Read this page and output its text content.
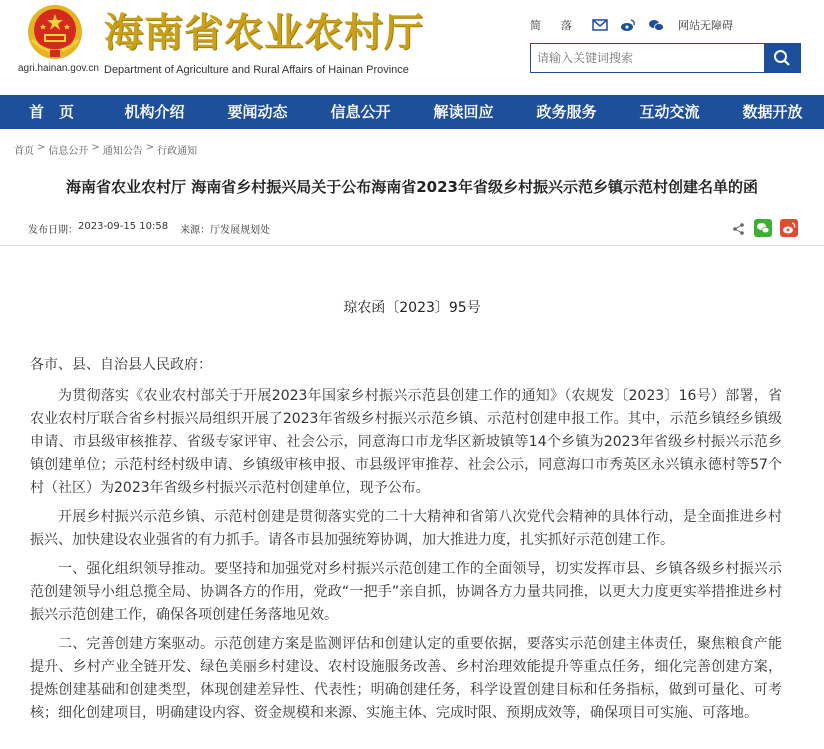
agri.hainan.gov.cn
海南省农业农村厅
Department of Agriculture and Rural Affairs of Hainan Province
简 落	网站无障碍
请输入关键词搜索
首　页	机构介绍	要闻动态	信息公开	解读回应	政务服务	互动交流	数据开放
首页 > 信息公开 > 通知公告 > 行政通知
海南省农业农村厅 海南省乡村振兴局关于公布海南省2023年省级乡村振兴示范乡镇示范村创建名单的函
发布日期： 2023-09-15 10:58 来源： 厅发展规划处
琼农函〔2023〕95号

各市、县、自治县人民政府：

为贯彻落实《农业农村部关于开展2023年国家乡村振兴示范县创建工作的通知》（农规发〔2023〕16号）部署，省农业农村厅联合省乡村振兴局组织开展了2023年省级乡村振兴示范乡镇、示范村创建申报工作。其中，示范乡镇经乡镇级申请、市县级审核推荐、省级专家评审、社会公示，同意海口市龙华区新坡镇等14个乡镇为2023年省级乡村振兴示范乡镇创建单位；示范村经村级申请、乡镇级审核申报、市县级评审推荐、社会公示，同意海口市秀英区永兴镇永德村等57个村（社区）为2023年省级乡村振兴示范村创建单位，现予公布。

开展乡村振兴示范乡镇、示范村创建是贯彻落实党的二十大精神和省第八次党代会精神的具体行动，是全面推进乡村振兴、加快建设农业强省的有力抓手。请各市县加强统筹协调，加大推进力度，扎实抓好示范创建工作。

一、强化组织领导推动。要坚持和加强党对乡村振兴示范创建工作的全面领导，切实发挥市县、乡镇各级乡村振兴示范创建领导小组总揽全局、协调各方的作用，党政“一把手”亲自抓，协调各方力量共同推，以更大力度更实举措推进乡村振兴示范创建工作，确保各项创建任务落地见效。

二、完善创建方案驱动。示范创建方案是监测评估和创建认定的重要依据，要落实示范创建主体责任，聚焦粮食产能提升、乡村产业全链开发、绿色美丽乡村建设、农村设施服务改善、乡村治理效能提升等重点任务，细化完善创建方案，提炼创建基础和创建类型，体现创建差异性、代表性；明确创建任务，科学设置创建目标和任务指标，做到可量化、可考核；细化创建项目，明确建设内容、资金规模和来源、实施主体、完成时限、预期成效等，确保项目可实施、可落地。
